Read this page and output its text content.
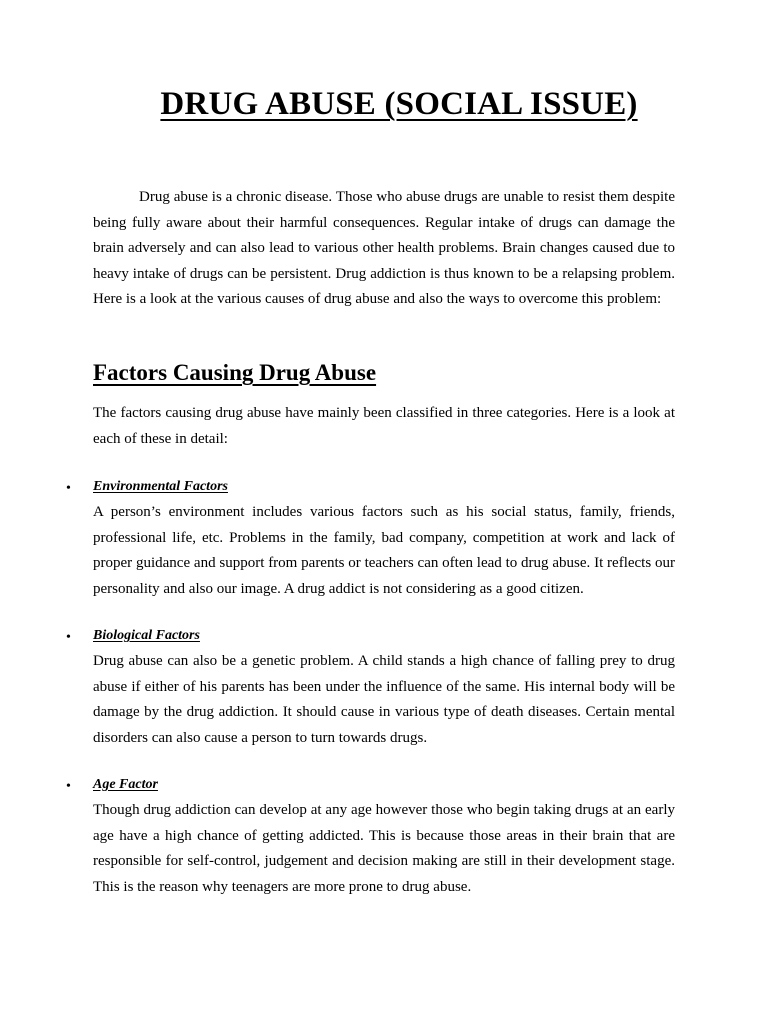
DRUG ABUSE (SOCIAL ISSUE)

Drug abuse is a chronic disease. Those who abuse drugs are unable to resist them despite being fully aware about their harmful consequences. Regular intake of drugs can damage the brain adversely and can also lead to various other health problems. Brain changes caused due to heavy intake of drugs can be persistent. Drug addiction is thus known to be a relapsing problem. Here is a look at the various causes of drug abuse and also the ways to overcome this problem:

Factors Causing Drug Abuse

The factors causing drug abuse have mainly been classified in three categories. Here is a look at each of these in detail:

•	Environmental Factors

A person’s environment includes various factors such as his social status, family, friends, professional life, etc. Problems in the family, bad company, competition at work and lack of proper guidance and support from parents or teachers can often lead to drug abuse. It reflects our personality and also our image. A drug addict is not considering as a good citizen.

•	Biological Factors

Drug abuse can also be a genetic problem. A child stands a high chance of falling prey to drug abuse if either of his parents has been under the influence of the same. His internal body will be damage by the drug addiction. It should cause in various type of death diseases. Certain mental disorders can also cause a person to turn towards drugs.

•	Age Factor

Though drug addiction can develop at any age however those who begin taking drugs at an early age have a high chance of getting addicted. This is because those areas in their brain that are responsible for self-control, judgement and decision making are still in their development stage. This is the reason why teenagers are more prone to drug abuse.
